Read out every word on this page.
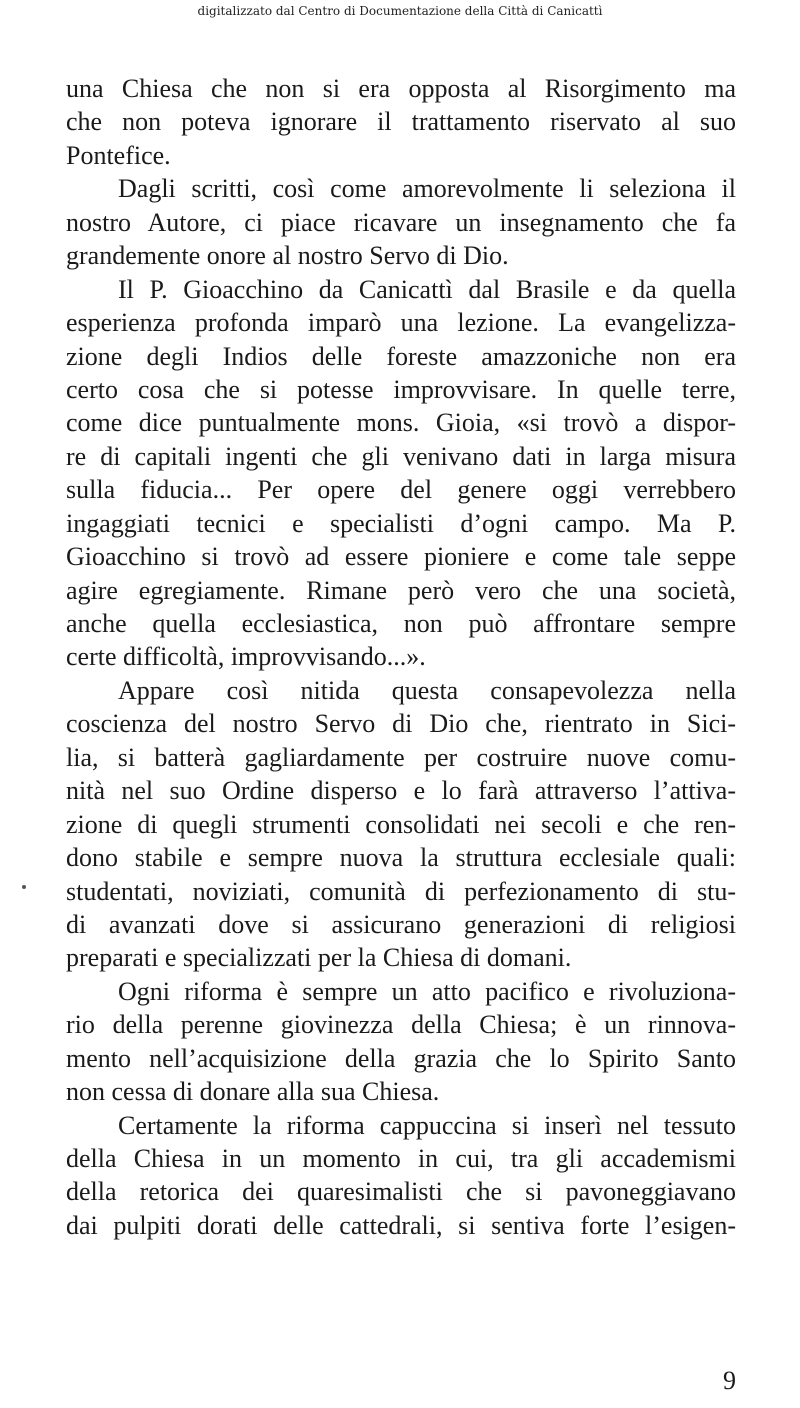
digitalizzato dal Centro di Documentazione della Città di Canicattì
una Chiesa che non si era opposta al Risorgimento ma
che non poteva ignorare il trattamento riservato al suo
Pontefice.
Dagli scritti, così come amorevolmente li seleziona il
nostro Autore, ci piace ricavare un insegnamento che fa
grandemente onore al nostro Servo di Dio.
Il P. Gioacchino da Canicattì dal Brasile e da quella
esperienza profonda imparò una lezione. La evangelizza-
zione degli Indios delle foreste amazzoniche non era
certo cosa che si potesse improvvisare. In quelle terre,
come dice puntualmente mons. Gioia, «si trovò a dispor-
re di capitali ingenti che gli venivano dati in larga misura
sulla fiducia... Per opere del genere oggi verrebbero
ingaggiati tecnici e specialisti d’ogni campo. Ma P.
Gioacchino si trovò ad essere pioniere e come tale seppe
agire egregiamente. Rimane però vero che una società,
anche quella ecclesiastica, non può affrontare sempre
certe difficoltà, improvvisando...».
Appare così nitida questa consapevolezza nella
coscienza del nostro Servo di Dio che, rientrato in Sici-
lia, si batterà gagliardamente per costruire nuove comu-
nità nel suo Ordine disperso e lo farà attraverso l’attiva-
zione di quegli strumenti consolidati nei secoli e che ren-
dono stabile e sempre nuova la struttura ecclesiale quali:
studentati, noviziati, comunità di perfezionamento di stu-
di avanzati dove si assicurano generazioni di religiosi
preparati e specializzati per la Chiesa di domani.
Ogni riforma è sempre un atto pacifico e rivoluziona-
rio della perenne giovinezza della Chiesa; è un rinnova-
mento nell’acquisizione della grazia che lo Spirito Santo
non cessa di donare alla sua Chiesa.
Certamente la riforma cappuccina si inserì nel tessuto
della Chiesa in un momento in cui, tra gli accademismi
della retorica dei quaresimalisti che si pavoneggiavano
dai pulpiti dorati delle cattedrali, si sentiva forte l’esigen-
9
